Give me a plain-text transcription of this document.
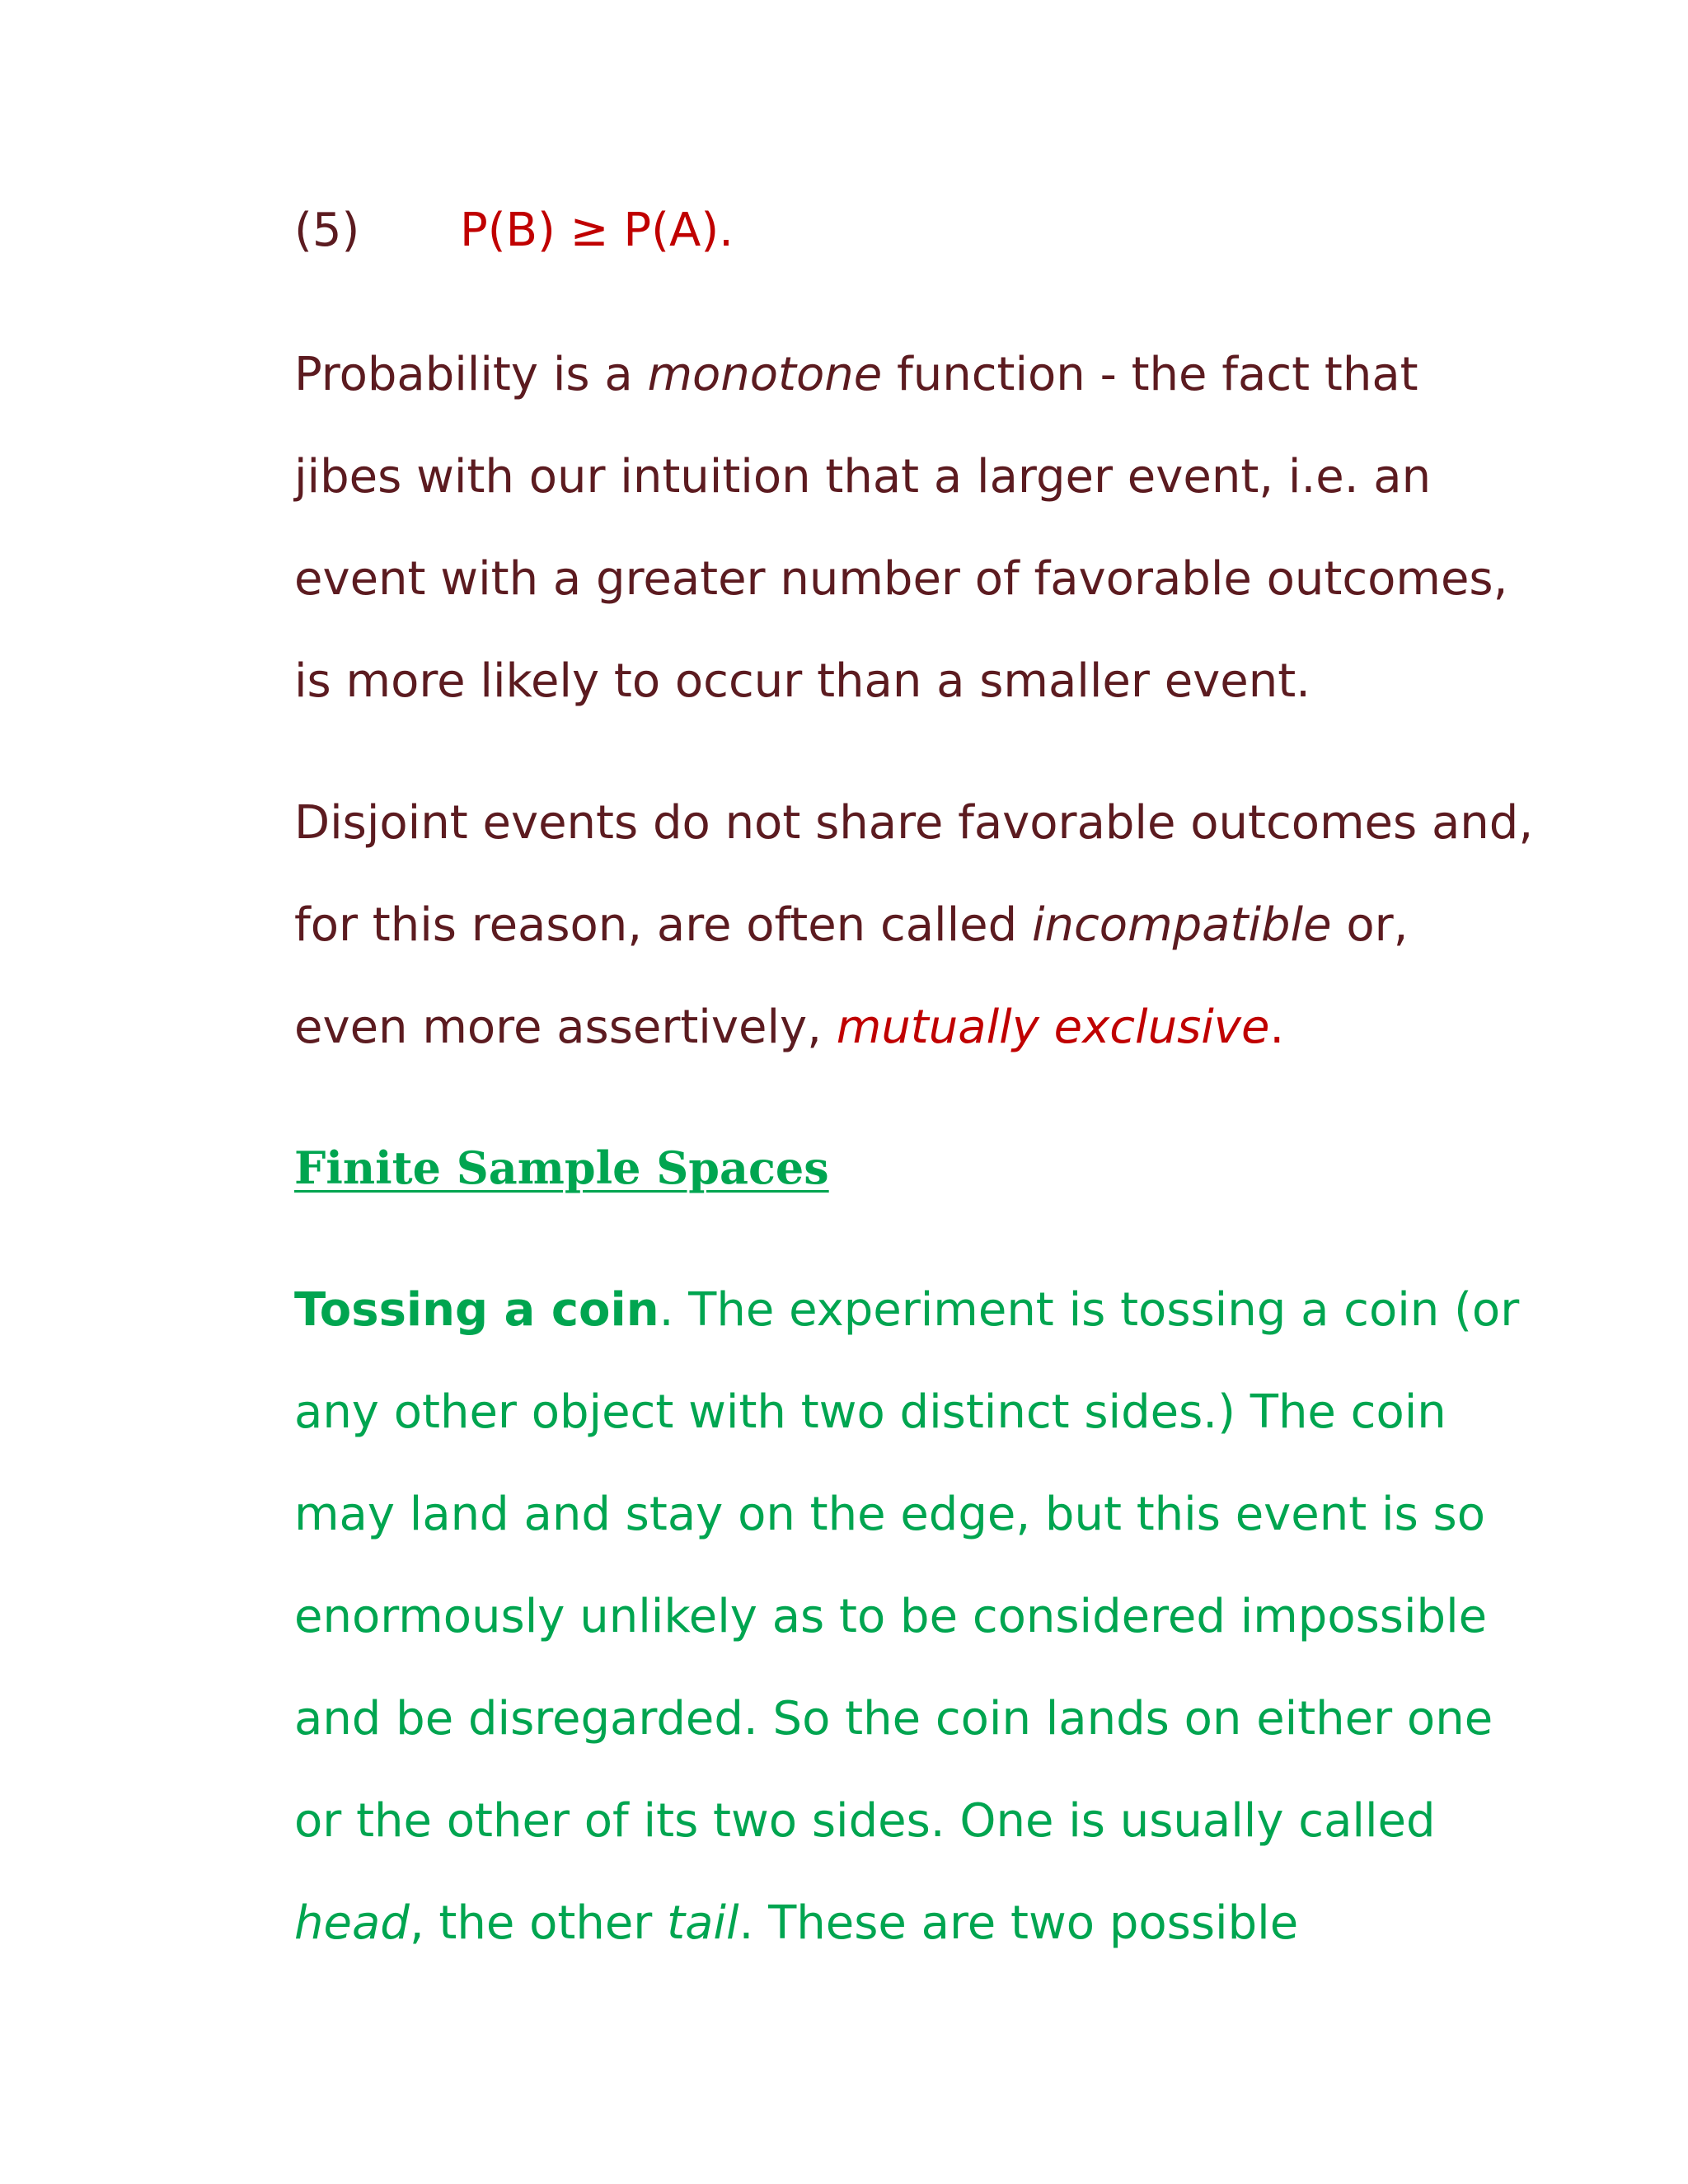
(5) P(B) ≥ P(A).
Probability is a monotone function - the fact that
jibes with our intuition that a larger event, i.e. an
event with a greater number of favorable outcomes,
is more likely to occur than a smaller event.
Disjoint events do not share favorable outcomes and,
for this reason, are often called incompatible or,
even more assertively, mutually exclusive.
Finite Sample Spaces
Tossing a coin. The experiment is tossing a coin (or
any other object with two distinct sides.) The coin
may land and stay on the edge, but this event is so
enormously unlikely as to be considered impossible
and be disregarded. So the coin lands on either one
or the other of its two sides. One is usually called
head, the other tail. These are two possible
